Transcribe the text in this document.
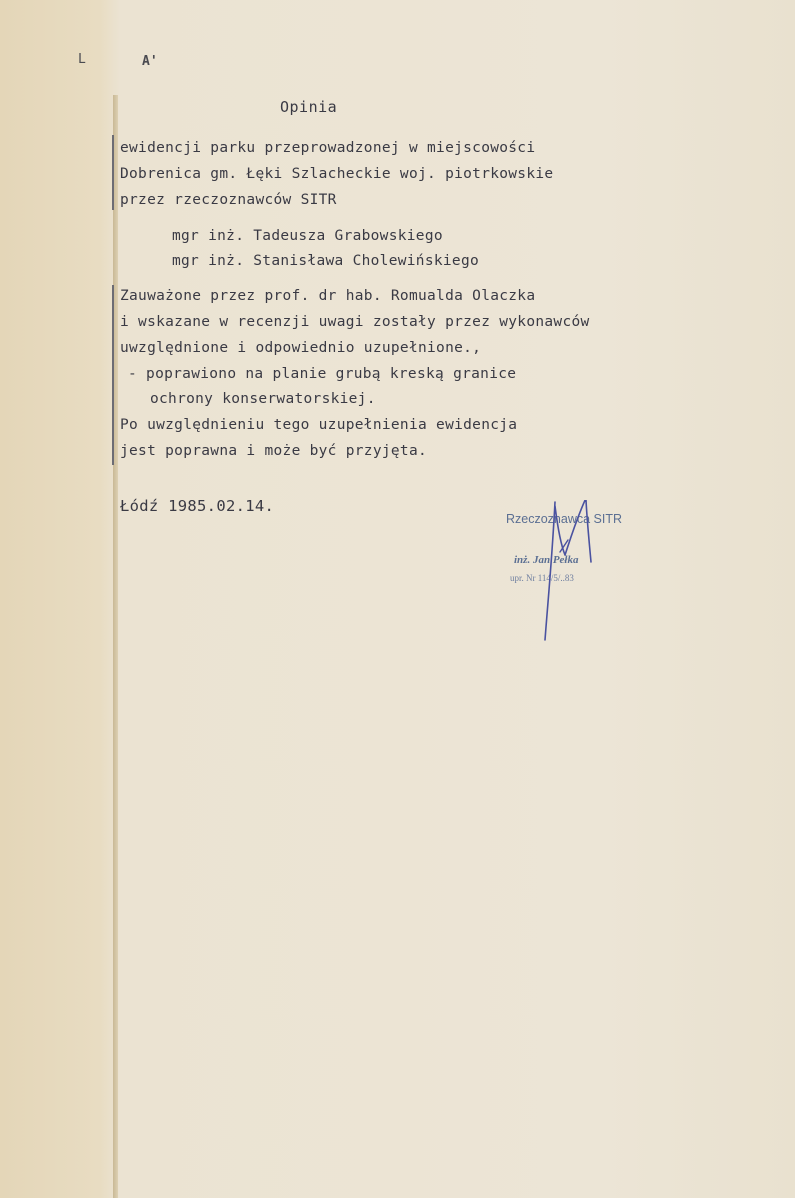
L	A'
Opinia
ewidencji parku przeprowadzonej w miejscowości
Dobrenica gm. Łęki Szlacheckie woj. piotrkowskie
przez rzeczoznawców SITR
mgr inż. Tadeusza Grabowskiego
mgr inż. Stanisława Cholewińskiego
Zauważone przez prof. dr hab. Romualda Olaczka
i wskazane w recenzji uwagi zostały przez wykonawców
uwzględnione i odpowiednio uzupełnione.,
- poprawiono na planie grubą kreską granice
ochrony konserwatorskiej.
Po uwzględnieniu tego uzupełnienia ewidencja
jest poprawna i może być przyjęta.
Łódź 1985.02.14.
Rzeczoznawca SITR
inż. Jan Pełka
upr. Nr 114/5/..83
